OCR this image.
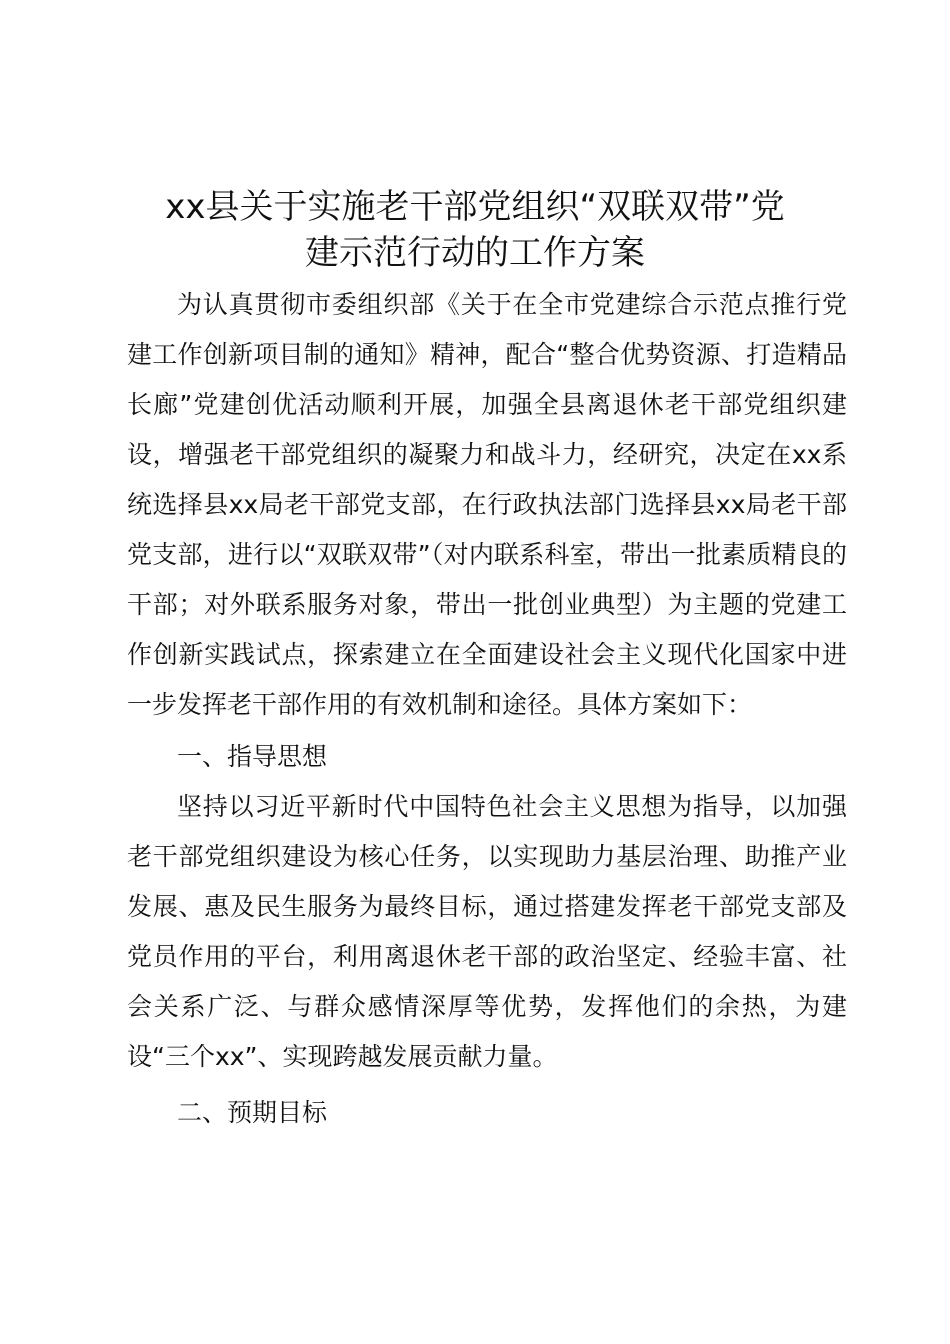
xx县关于实施老干部党组织“双联双带”党
建示范行动的工作方案

为认真贯彻市委组织部《关于在全市党建综合示范点推行党建工作创新项目制的通知》精神，配合“整合优势资源、打造精品长廊”党建创优活动顺利开展，加强全县离退休老干部党组织建设，增强老干部党组织的凝聚力和战斗力，经研究，决定在xx系统选择县xx局老干部党支部，在行政执法部门选择县xx局老干部党支部，进行以“双联双带”（对内联系科室，带出一批素质精良的干部；对外联系服务对象，带出一批创业典型）为主题的党建工作创新实践试点，探索建立在全面建设社会主义现代化国家中进一步发挥老干部作用的有效机制和途径。具体方案如下：

一、指导思想

坚持以习近平新时代中国特色社会主义思想为指导，以加强老干部党组织建设为核心任务，以实现助力基层治理、助推产业发展、惠及民生服务为最终目标，通过搭建发挥老干部党支部及党员作用的平台，利用离退休老干部的政治坚定、经验丰富、社会关系广泛、与群众感情深厚等优势，发挥他们的余热，为建设“三个xx”、实现跨越发展贡献力量。

二、预期目标
